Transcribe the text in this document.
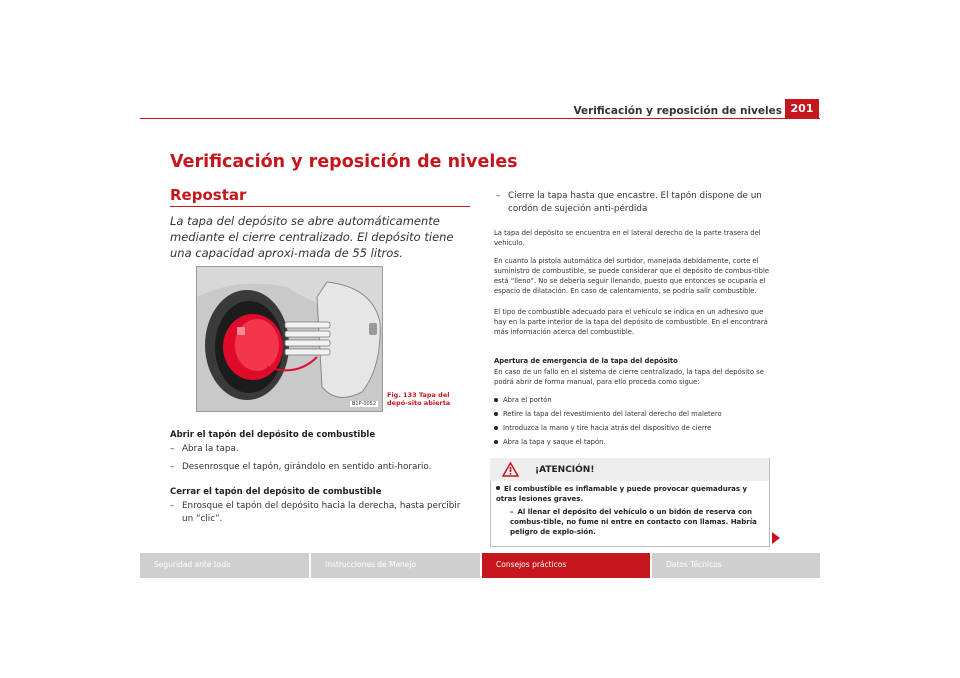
Verificación y reposición de niveles 201
Verificación y reposición de niveles
Repostar
La tapa del depósito se abre automáticamente mediante el cierre centralizado. El depósito tiene una capacidad aproxi-mada de 55 litros.
B1P-0052
Fig. 133 Tapa del depó-sito abierta
Abrir el tapón del depósito de combustible
– Abra la tapa.
– Desenrosque el tapón, girándolo en sentido anti-horario.
Cerrar el tapón del depósito de combustible
– Enrosque el tapón del depósito hacia la derecha, hasta percibir un “clic”.
– Cierre la tapa hasta que encastre. El tapón dispone de un cordón de sujeción anti-pérdida
La tapa del depósito se encuentra en el lateral derecho de la parte trasera del vehículo.
En cuanto la pistola automática del surtidor, manejada debidamente, corte el suministro de combustible, se puede considerar que el depósito de combus-tible está “lleno”. No se debería seguir llenando, puesto que entonces se ocuparía el espacio de dilatación. En caso de calentamiento, se podría salir combustible.
El tipo de combustible adecuado para el vehículo se indica en un adhesivo que hay en la parte interior de la tapa del depósito de combustible. En el encontrará más información acerca del combustible.
Apertura de emergencia de la tapa del depósito
En caso de un fallo en el sistema de cierre centralizado, la tapa del depósito se podrá abrir de forma manual, para ello proceda como sigue:
Abra el portón
Retire la tapa del revestimiento del lateral derecho del maletero
Introduzca la mano y tire hacia atrás del dispositivo de cierre
Abra la tapa y saque el tapón.
¡ATENCIÓN!
El combustible es inflamable y puede provocar quemaduras y otras lesiones graves.
– Al llenar el depósito del vehículo o un bidón de reserva con combus-tible, no fume ni entre en contacto con llamas. Habría peligro de explo-sión.
Seguridad ante todo	Instrucciones de Manejo	Consejos prácticos	Datos Técnicos
